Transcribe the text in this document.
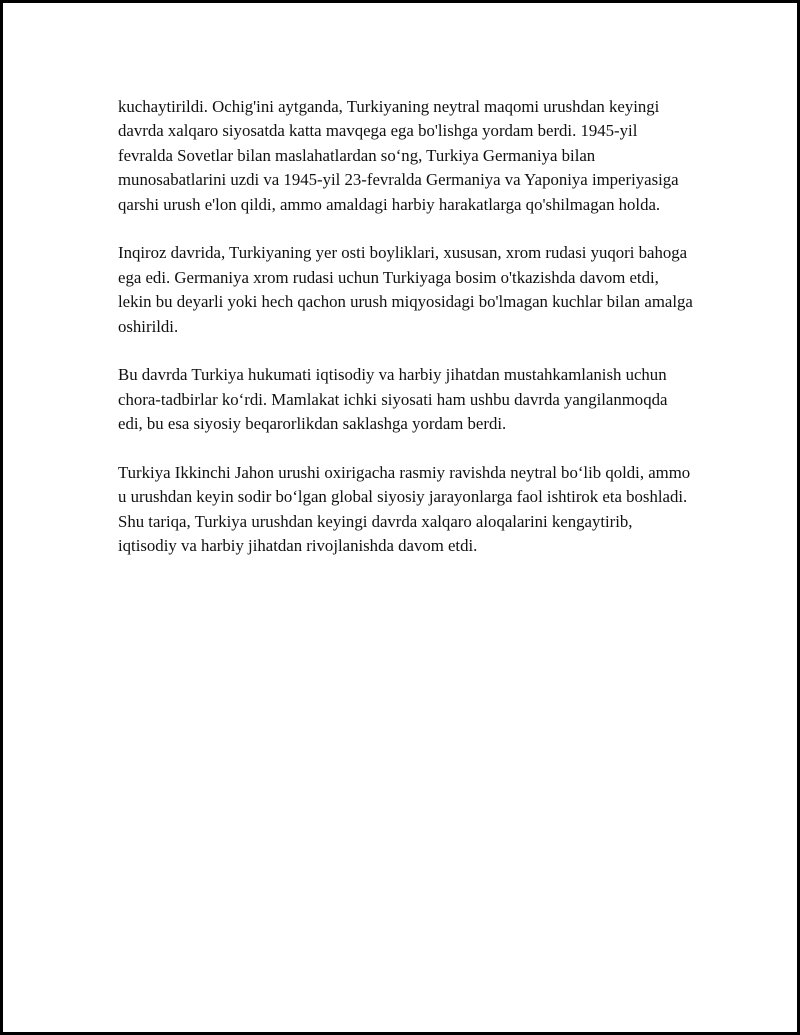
kuchaytirildi. Ochig'ini aytganda, Turkiyaning neytral maqomi urushdan keyingi davrda xalqaro siyosatda katta mavqega ega bo'lishga yordam berdi. 1945-yil fevralda Sovetlar bilan maslahatlardan so‘ng, Turkiya Germaniya bilan munosabatlarini uzdi va 1945-yil 23-fevralda Germaniya va Yaponiya imperiyasiga qarshi urush e'lon qildi, ammo amaldagi harbiy harakatlarga qo'shilmagan holda.

Inqiroz davrida, Turkiyaning yer osti boyliklari, xususan, xrom rudasi yuqori bahoga ega edi. Germaniya xrom rudasi uchun Turkiyaga bosim o'tkazishda davom etdi, lekin bu deyarli yoki hech qachon urush miqyosidagi bo'lmagan kuchlar bilan amalga oshirildi.

Bu davrda Turkiya hukumati iqtisodiy va harbiy jihatdan mustahkamlanish uchun chora-tadbirlar ko‘rdi. Mamlakat ichki siyosati ham ushbu davrda yangilanmoqda edi, bu esa siyosiy beqarorlikdan saklashga yordam berdi.

Turkiya Ikkinchi Jahon urushi oxirigacha rasmiy ravishda neytral bo‘lib qoldi, ammo u urushdan keyin sodir bo‘lgan global siyosiy jarayonlarga faol ishtirok eta boshladi. Shu tariqa, Turkiya urushdan keyingi davrda xalqaro aloqalarini kengaytirib, iqtisodiy va harbiy jihatdan rivojlanishda davom etdi.
